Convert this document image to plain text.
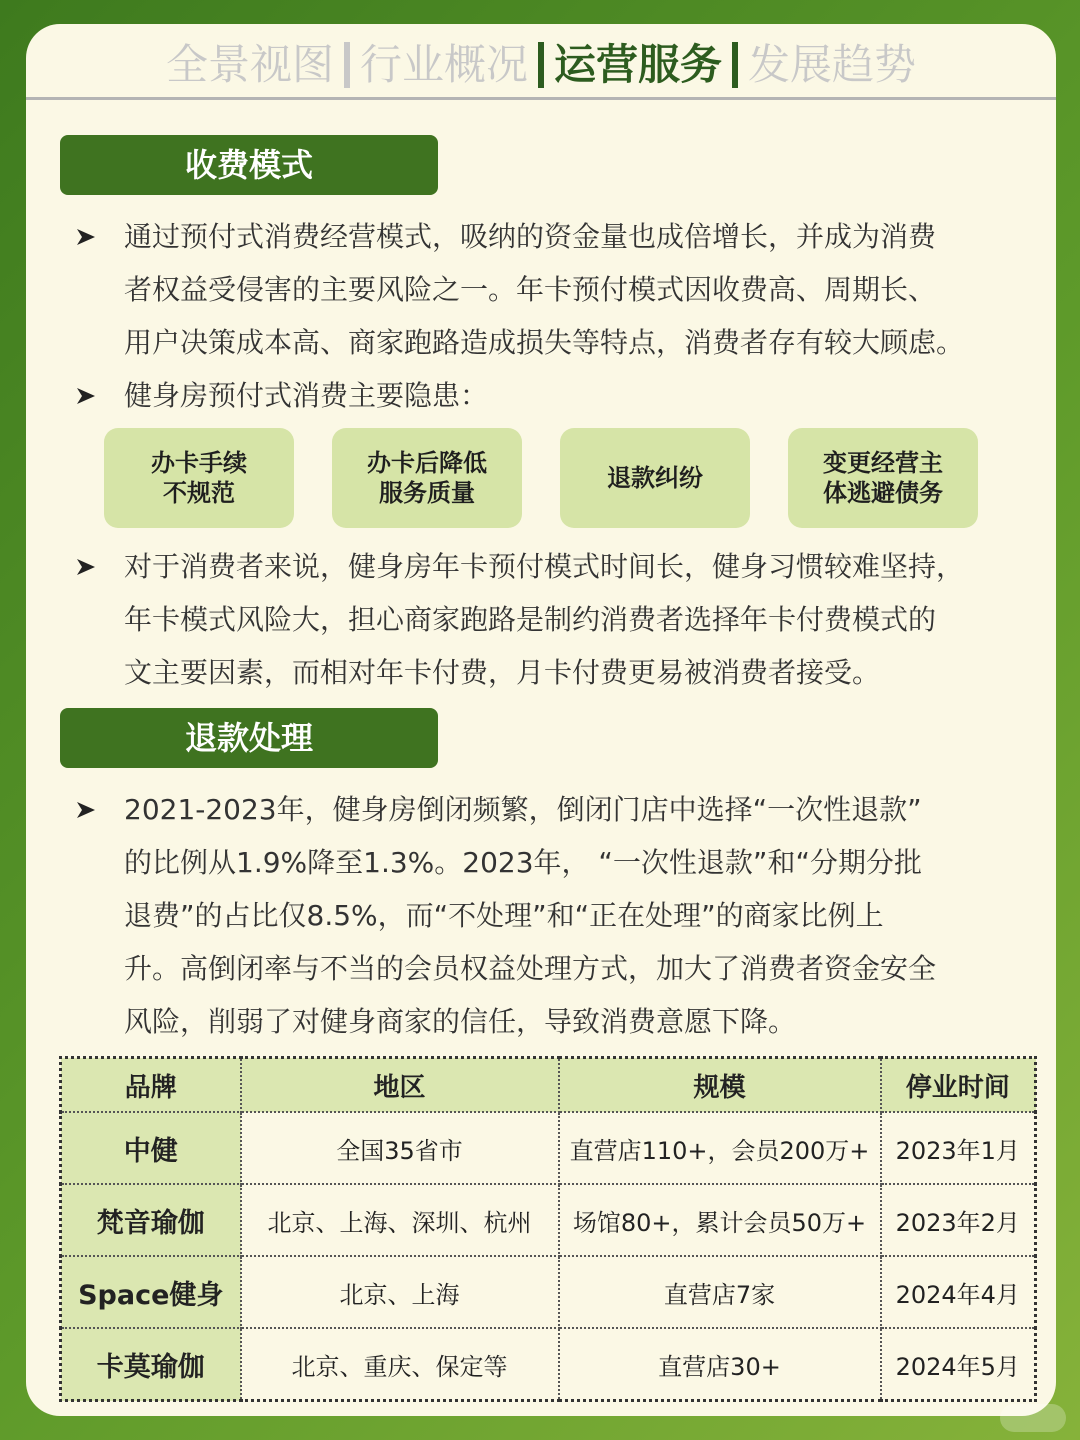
全景视图 行业概况 运营服务 发展趋势
收费模式
通过预付式消费经营模式，吸纳的资金量也成倍增长，并成为消费
者权益受侵害的主要风险之一。年卡预付模式因收费高、周期长、
用户决策成本高、商家跑路造成损失等特点，消费者存有较大顾虑。
健身房预付式消费主要隐患：
办卡手续
不规范
办卡后降低
服务质量
退款纠纷
变更经营主
体逃避债务
对于消费者来说，健身房年卡预付模式时间长，健身习惯较难坚持，
年卡模式风险大，担心商家跑路是制约消费者选择年卡付费模式的
文主要因素，而相对年卡付费，月卡付费更易被消费者接受。
退款处理
2021-2023年，健身房倒闭频繁，倒闭门店中选择“一次性退款”
的比例从1.9%降至1.3%。2023年， “一次性退款”和“分期分批
退费”的占比仅8.5%，而“不处理”和“正在处理”的商家比例上
升。高倒闭率与不当的会员权益处理方式，加大了消费者资金安全
风险，削弱了对健身商家的信任，导致消费意愿下降。
品牌	地区	规模	停业时间
中健	全国35省市	直营店110+，会员200万+	2023年1月
梵音瑜伽	北京、上海、深圳、杭州	场馆80+，累计会员50万+	2023年2月
Space健身	北京、上海	直营店7家	2024年4月
卡莫瑜伽	北京、重庆、保定等	直营店30+	2024年5月
